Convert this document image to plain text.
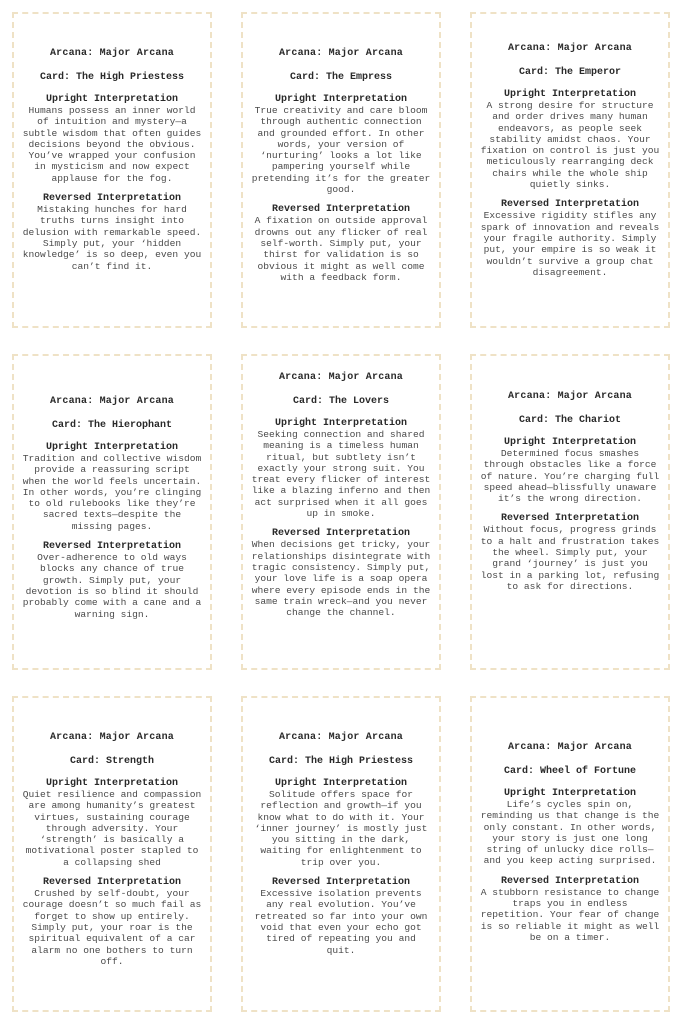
Arcana: Major Arcana

Card: The High Priestess

Upright Interpretation

Humans possess an inner world of intuition and mystery—a subtle wisdom that often guides decisions beyond the obvious. You’ve wrapped your confusion in mysticism and now expect applause for the fog.

Reversed Interpretation

Mistaking hunches for hard truths turns insight into delusion with remarkable speed. Simply put, your ‘hidden knowledge’ is so deep, even you can’t find it.

Arcana: Major Arcana

Card: The Empress

Upright Interpretation

True creativity and care bloom through authentic connection and grounded effort. In other words, your version of ‘nurturing’ looks a lot like pampering yourself while pretending it’s for the greater good.

Reversed Interpretation

A fixation on outside approval drowns out any flicker of real self-worth. Simply put, your thirst for validation is so obvious it might as well come with a feedback form.

Arcana: Major Arcana

Card: The Emperor

Upright Interpretation

A strong desire for structure and order drives many human endeavors, as people seek stability amidst chaos. Your fixation on control is just you meticulously rearranging deck chairs while the whole ship quietly sinks.

Reversed Interpretation

Excessive rigidity stifles any spark of innovation and reveals your fragile authority. Simply put, your empire is so weak it wouldn’t survive a group chat disagreement.

Arcana: Major Arcana

Card: The Hierophant

Upright Interpretation

Tradition and collective wisdom provide a reassuring script when the world feels uncertain. In other words, you’re clinging to old rulebooks like they’re sacred texts—despite the missing pages.

Reversed Interpretation

Over-adherence to old ways blocks any chance of true growth. Simply put, your devotion is so blind it should probably come with a cane and a warning sign.

Arcana: Major Arcana

Card: The Lovers

Upright Interpretation

Seeking connection and shared meaning is a timeless human ritual, but subtlety isn’t exactly your strong suit. You treat every flicker of interest like a blazing inferno and then act surprised when it all goes up in smoke.

Reversed Interpretation

When decisions get tricky, your relationships disintegrate with tragic consistency. Simply put, your love life is a soap opera where every episode ends in the same train wreck—and you never change the channel.

Arcana: Major Arcana

Card: The Chariot

Upright Interpretation

Determined focus smashes through obstacles like a force of nature. You’re charging full speed ahead—blissfully unaware it’s the wrong direction.

Reversed Interpretation

Without focus, progress grinds to a halt and frustration takes the wheel. Simply put, your grand ‘journey’ is just you lost in a parking lot, refusing to ask for directions.

Arcana: Major Arcana

Card: Strength

Upright Interpretation

Quiet resilience and compassion are among humanity’s greatest virtues, sustaining courage through adversity. Your ‘strength’ is basically a motivational poster stapled to a collapsing shed

Reversed Interpretation

Crushed by self-doubt, your courage doesn’t so much fail as forget to show up entirely. Simply put, your roar is the spiritual equivalent of a car alarm no one bothers to turn off.

Arcana: Major Arcana

Card: The High Priestess

Upright Interpretation

Solitude offers space for reflection and growth—if you know what to do with it. Your ‘inner journey’ is mostly just you sitting in the dark, waiting for enlightenment to trip over you.

Reversed Interpretation

Excessive isolation prevents any real evolution. You’ve retreated so far into your own void that even your echo got tired of repeating you and quit.

Arcana: Major Arcana

Card: Wheel of Fortune

Upright Interpretation

Life’s cycles spin on, reminding us that change is the only constant. In other words, your story is just one long string of unlucky dice rolls—and you keep acting surprised.

Reversed Interpretation

A stubborn resistance to change traps you in endless repetition. Your fear of change is so reliable it might as well be on a timer.
